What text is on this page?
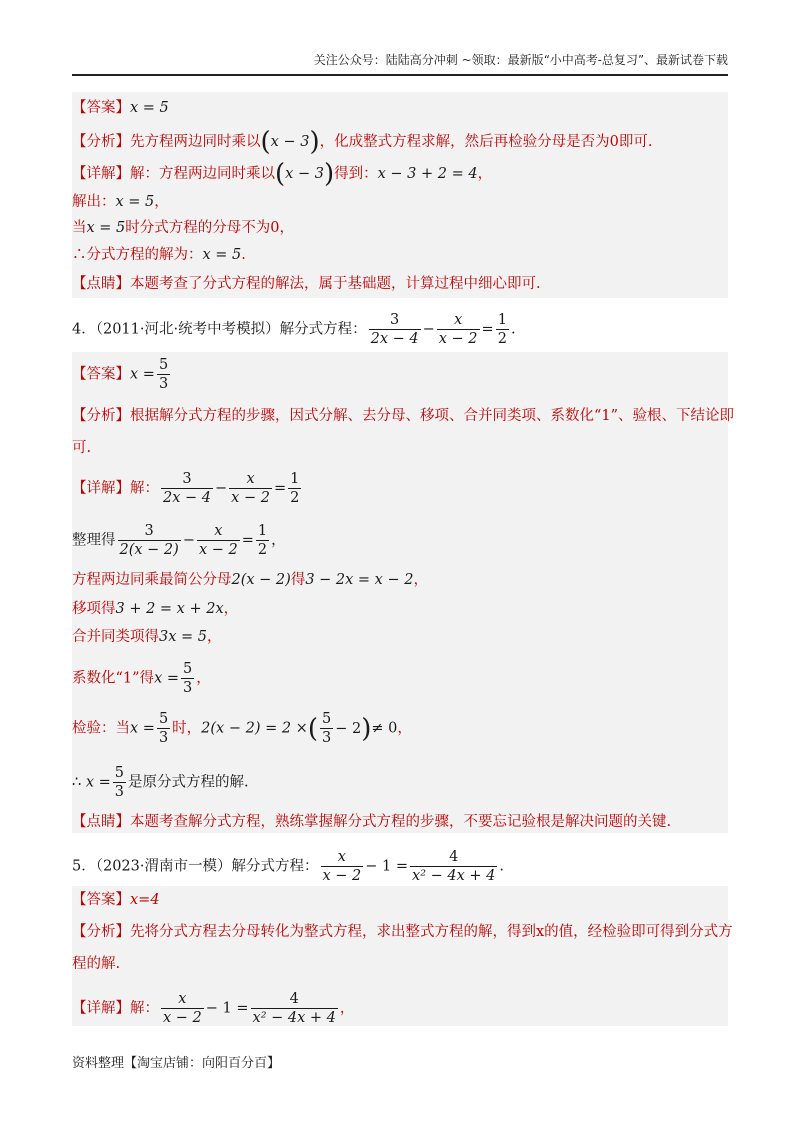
关注公众号：陆陆高分冲刺 ~领取：最新版“小中高考-总复习”、最新试卷下载
【答案】x = 5
【分析】先方程两边同时乘以(x − 3)，化成整式方程求解，然后再检验分母是否为0即可.
【详解】解：方程两边同时乘以(x − 3)得到：x − 3 + 2 = 4，
解出：x = 5，
当x = 5时分式方程的分母不为0，
∴分式方程的解为：x = 5.
【点睛】本题考查了分式方程的解法，属于基础题，计算过程中细心即可.
4．（2011·河北·统考中考模拟）解分式方程： $\frac{3}{2x - 4} - \frac{x}{x - 2} = \frac{1}{2}$ .
【答案】$x = \frac{5}{3}$
【分析】根据解分式方程的步骤，因式分解、去分母、移项、合并同类项、系数化“1”、验根、下结论即
可.
【详解】解： $\frac{3}{2x - 4} - \frac{x}{x - 2} = \frac{1}{2}$
整理得 $\frac{3}{2(x - 2)} - \frac{x}{x - 2} = \frac{1}{2}$ ，
方程两边同乘最简公分母2(x − 2)得3 − 2x = x − 2，
移项得3 + 2 = x + 2x，
合并同类项得3x = 5，
系数化“1”得$x = \frac{5}{3}$ ，
检验：当$x = \frac{5}{3}$ 时，2(x − 2) = 2 ×( $\frac{5}{3} - 2)\ne 0$，
∴ $x = \frac{5}{3}$ 是原分式方程的解.
【点睛】本题考查解分式方程，熟练掌握解分式方程的步骤，不要忘记验根是解决问题的关键.
5．（2023·渭南市一模）解分式方程： $\frac{x}{x - 2} - 1 = \frac{4}{\text{x² − 4x + 4}}$ .
【答案】x=4
【分析】先将分式方程去分母转化为整式方程，求出整式方程的解，得到x的值，经检验即可得到分式方
程的解.
【详解】解： $\frac{x}{x - 2} - 1 = \frac{4}{\text{x² − 4x + 4}}$ ，
资料整理【淘宝店铺：向阳百分百】
